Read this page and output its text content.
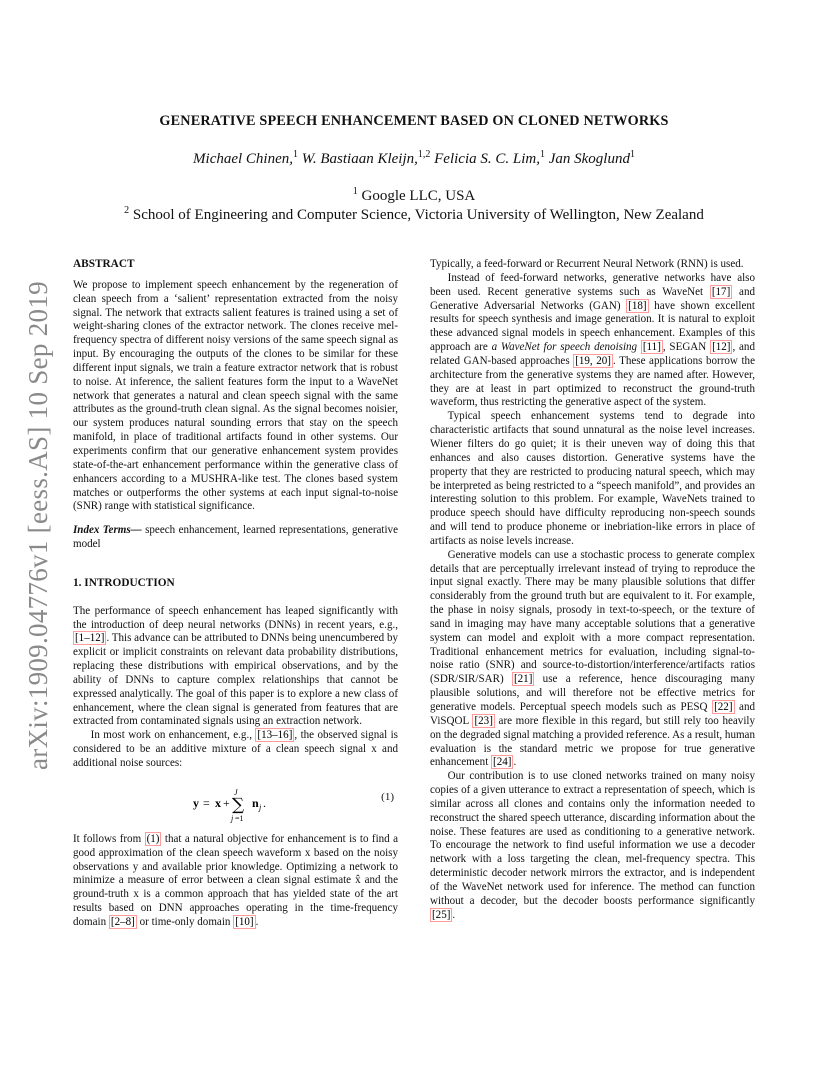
arXiv:1909.04776v1 [eess.AS] 10 Sep 2019
GENERATIVE SPEECH ENHANCEMENT BASED ON CLONED NETWORKS
Michael Chinen,$^1$ W. Bastiaan Kleijn,$^{1,2}$ Felicia S. C. Lim,$^1$ Jan Skoglund$^1$
$^1$ Google LLC, USA
$^2$ School of Engineering and Computer Science, Victoria University of Wellington, New Zealand

ABSTRACT

We propose to implement speech enhancement by the regeneration of clean speech from a ‘salient’ representation extracted from the noisy signal. The network that extracts salient features is trained using a set of weight-sharing clones of the extractor network. The clones receive mel-frequency spectra of different noisy versions of the same speech signal as input. By encouraging the outputs of the clones to be similar for these different input signals, we train a feature extractor network that is robust to noise. At inference, the salient features form the input to a WaveNet network that generates a natural and clean speech signal with the same attributes as the ground-truth clean signal. As the signal becomes noisier, our system produces natural sounding errors that stay on the speech manifold, in place of traditional artifacts found in other systems. Our experiments confirm that our generative enhancement system provides state-of-the-art enhancement performance within the generative class of enhancers according to a MUSHRA-like test. The clones based system matches or outperforms the other systems at each input signal-to-noise (SNR) range with statistical significance.

Index Terms— speech enhancement, learned representations, generative model

1. INTRODUCTION

The performance of speech enhancement has leaped significantly with the introduction of deep neural networks (DNNs) in recent years, e.g., [1–12] . This advance can be attributed to DNNs being unencumbered by explicit or implicit constraints on relevant data probability distributions, replacing these distributions with empirical observations, and by the ability of DNNs to capture complex relationships that cannot be expressed analytically. The goal of this paper is to explore a new class of enhancement, where the clean signal is generated from features that are extracted from contaminated signals using an extraction network.

In most work on enhancement, e.g., [13–16] , the observed signal is considered to be an additive mixture of a clean speech signal x and additional noise sources:

y = x +
J
∑
j =1
n j .	(1)

It follows from (1) that a natural objective for enhancement is to find a good approximation of the clean speech waveform x based on the noisy observations y and available prior knowledge. Optimizing a network to minimize a measure of error between a clean signal estimate x̂ and the ground-truth x is a common approach that has yielded state of the art results based on DNN approaches operating in the time-frequency domain [2–8] or time-only domain [10] .

Typically, a feed-forward or Recurrent Neural Network (RNN) is used.

Instead of feed-forward networks, generative networks have also been used. Recent generative systems such as WaveNet [17] and Generative Adversarial Networks (GAN) [18] have shown excellent results for speech synthesis and image generation. It is natural to exploit these advanced signal models in speech enhancement. Examples of this approach are a WaveNet for speech denoising [11] , SEGAN [12] , and related GAN-based approaches [19, 20] . These applications borrow the architecture from the generative systems they are named after. However, they are at least in part optimized to reconstruct the ground-truth waveform, thus restricting the generative aspect of the system.

Typical speech enhancement systems tend to degrade into characteristic artifacts that sound unnatural as the noise level increases. Wiener filters do go quiet; it is their uneven way of doing this that enhances and also causes distortion. Generative systems have the property that they are restricted to producing natural speech, which may be interpreted as being restricted to a “speech manifold”, and provides an interesting solution to this problem. For example, WaveNets trained to produce speech should have difficulty reproducing non-speech sounds and will tend to produce phoneme or inebriation-like errors in place of artifacts as noise levels increase.

Generative models can use a stochastic process to generate complex details that are perceptually irrelevant instead of trying to reproduce the input signal exactly. There may be many plausible solutions that differ considerably from the ground truth but are equivalent to it. For example, the phase in noisy signals, prosody in text-to-speech, or the texture of sand in imaging may have many acceptable solutions that a generative system can model and exploit with a more compact representation. Traditional enhancement metrics for evaluation, including signal-to-noise ratio (SNR) and source-to-distortion/interference/artifacts ratios (SDR/SIR/SAR) [21] use a reference, hence discouraging many plausible solutions, and will therefore not be effective metrics for generative models. Perceptual speech models such as PESQ [22] and ViSQOL [23] are more flexible in this regard, but still rely too heavily on the degraded signal matching a provided reference. As a result, human evaluation is the standard metric we propose for true generative enhancement [24] .

Our contribution is to use cloned networks trained on many noisy copies of a given utterance to extract a representation of speech, which is similar across all clones and contains only the information needed to reconstruct the shared speech utterance, discarding information about the noise. These features are used as conditioning to a generative network. To encourage the network to find useful information we use a decoder network with a loss targeting the clean, mel-frequency spectra. This deterministic decoder network mirrors the extractor, and is independent of the WaveNet network used for inference. The method can function without a decoder, but the decoder boosts performance significantly [25] .
